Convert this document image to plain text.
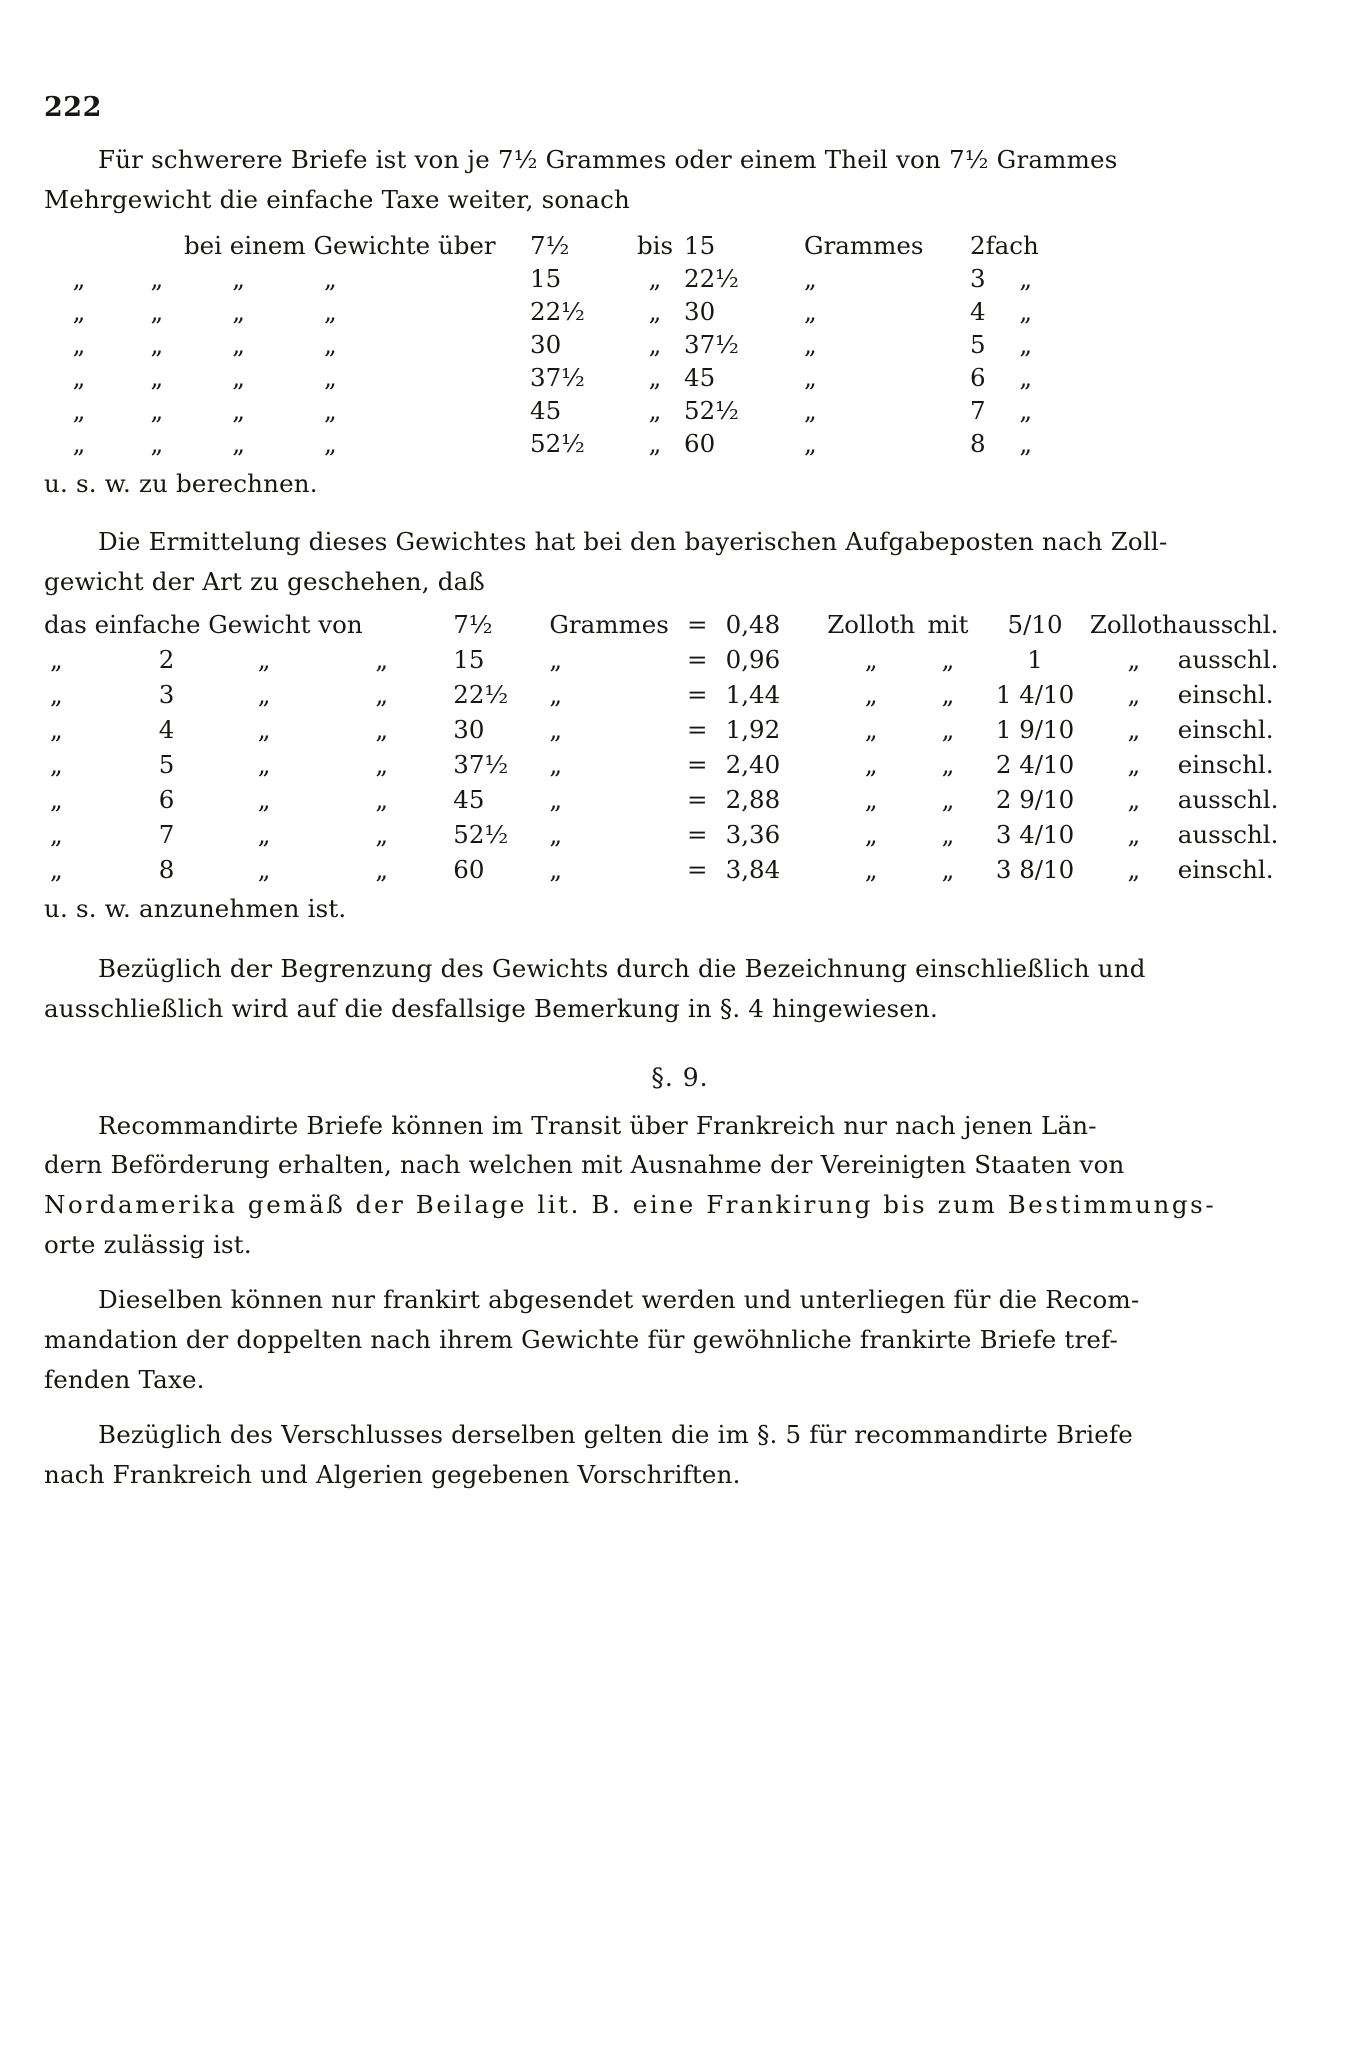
222

Für schwerere Briefe ist von je 7½ Grammes oder einem Theil von 7½ Grammes
Mehrgewicht die einfache Taxe weiter, sonach

bei einem Gewichte über	7½	bis	15	Grammes	2fach
„ „ „ „	15	„	22½	„	3 „
„ „ „ „	22½	„	30	„	4 „
„ „ „ „	30	„	37½	„	5 „
„ „ „ „	37½	„	45	„	6 „
„ „ „ „	45	„	52½	„	7 „
„ „ „ „	52½	„	60	„	8 „

u. s. w. zu berechnen.

Die Ermittelung dieses Gewichtes hat bei den bayerischen Aufgabeposten nach Zoll-
gewicht der Art zu geschehen, daß

das einfache Gewicht von				7½	Grammes	=	0,48	Zolloth	mit	5/10	Zolloth	ausschl.
„	2	„	„	15	„	=	0,96	„	„	1	„	ausschl.
„	3	„	„	22½	„	=	1,44	„	„	1 4/10	„	einschl.
„	4	„	„	30	„	=	1,92	„	„	1 9/10	„	einschl.
„	5	„	„	37½	„	=	2,40	„	„	2 4/10	„	einschl.
„	6	„	„	45	„	=	2,88	„	„	2 9/10	„	ausschl.
„	7	„	„	52½	„	=	3,36	„	„	3 4/10	„	ausschl.
„	8	„	„	60	„	=	3,84	„	„	3 8/10	„	einschl.

u. s. w. anzunehmen ist.

Bezüglich der Begrenzung des Gewichts durch die Bezeichnung einschließlich und
ausschließlich wird auf die desfallsige Bemerkung in §. 4 hingewiesen.

§. 9.

Recommandirte Briefe können im Transit über Frankreich nur nach jenen Län-
dern Beförderung erhalten, nach welchen mit Ausnahme der Vereinigten Staaten von
Nordamerika gemäß der Beilage lit. B. eine Frankirung bis zum Bestimmungs-
orte zulässig ist.

Dieselben können nur frankirt abgesendet werden und unterliegen für die Recom-
mandation der doppelten nach ihrem Gewichte für gewöhnliche frankirte Briefe tref-
fenden Taxe.

Bezüglich des Verschlusses derselben gelten die im §. 5 für recommandirte Briefe
nach Frankreich und Algerien gegebenen Vorschriften.
